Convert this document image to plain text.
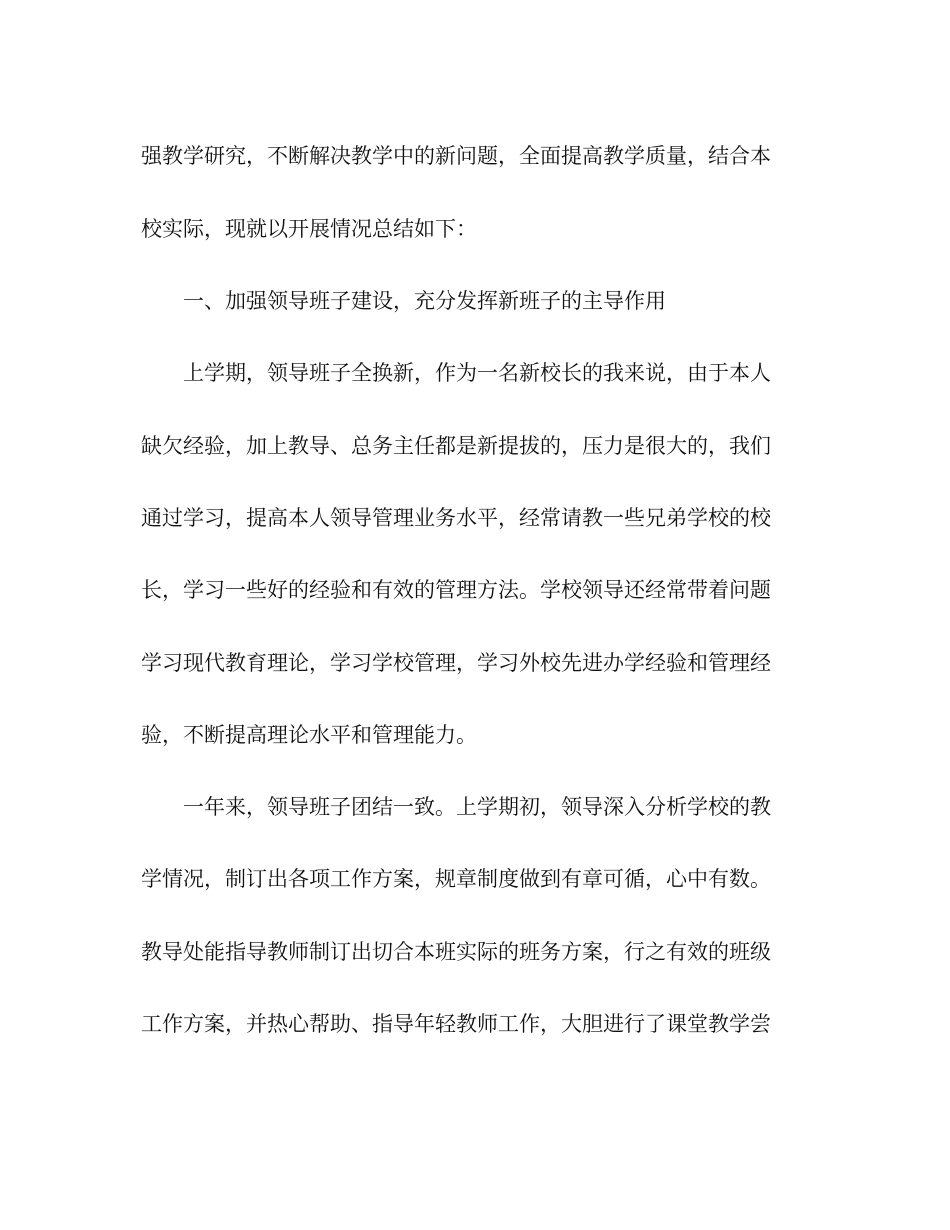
强教学研究，不断解决教学中的新问题，全面提高教学质量，结合本
校实际，现就以开展情况总结如下：
一、加强领导班子建设，充分发挥新班子的主导作用
上学期，领导班子全换新，作为一名新校长的我来说，由于本人
缺欠经验，加上教导、总务主任都是新提拔的，压力是很大的，我们
通过学习，提高本人领导管理业务水平，经常请教一些兄弟学校的校
长，学习一些好的经验和有效的管理方法。学校领导还经常带着问题
学习现代教育理论，学习学校管理，学习外校先进办学经验和管理经
验，不断提高理论水平和管理能力。
一年来，领导班子团结一致。上学期初，领导深入分析学校的教
学情况，制订出各项工作方案，规章制度做到有章可循，心中有数。
教导处能指导教师制订出切合本班实际的班务方案，行之有效的班级
工作方案，并热心帮助、指导年轻教师工作，大胆进行了课堂教学尝
